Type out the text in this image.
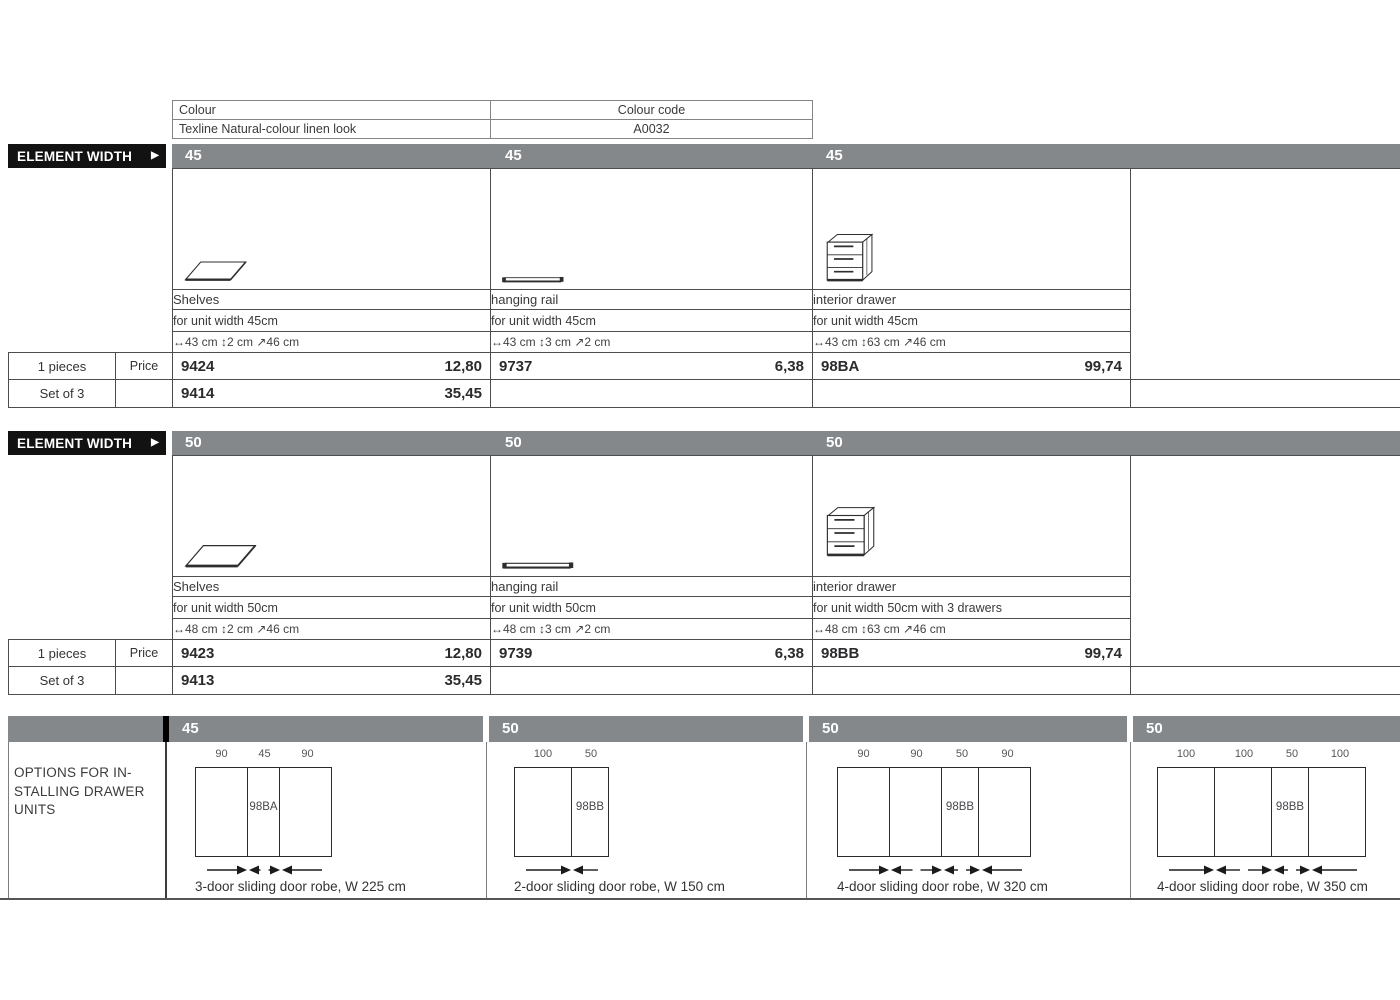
Colour	Colour code
Texline Natural-colour linen look	A0032
ELEMENT WIDTH ▶ 45	45	45

		Shelves	hanging rail	interior drawer	
		for unit width 45cm	for unit width 45cm	for unit width 45cm	
		↔43 cm ↕2 cm ↗46 cm	↔43 cm ↕3 cm ↗2 cm	↔43 cm ↕63 cm ↗46 cm	
1 pieces	Price	9424 12,80	9737 6,38	98BA 99,74	

Set of 3		9414 35,45			

ELEMENT WIDTH ▶ 50	50	50

		Shelves	hanging rail	interior drawer	
		for unit width 50cm	for unit width 50cm	for unit width 50cm with 3 drawers	
		↔48 cm ↕2 cm ↗46 cm	↔48 cm ↕3 cm ↗2 cm	↔48 cm ↕63 cm ↗46 cm	
1 pieces	Price	9423 12,80	9739 6,38	98BB 99,74	

Set of 3		9413 35,45			

45	50	50	50
OPTIONS FOR IN-
STALLING DRAWER
UNITS
90	45	90
98BA
3-door sliding door robe, W 225 cm
100	50
98BB
2-door sliding door robe, W 150 cm
90	90	50	90
98BB
4-door sliding door robe, W 320 cm
100	100	50	100
98BB
4-door sliding door robe, W 350 cm
